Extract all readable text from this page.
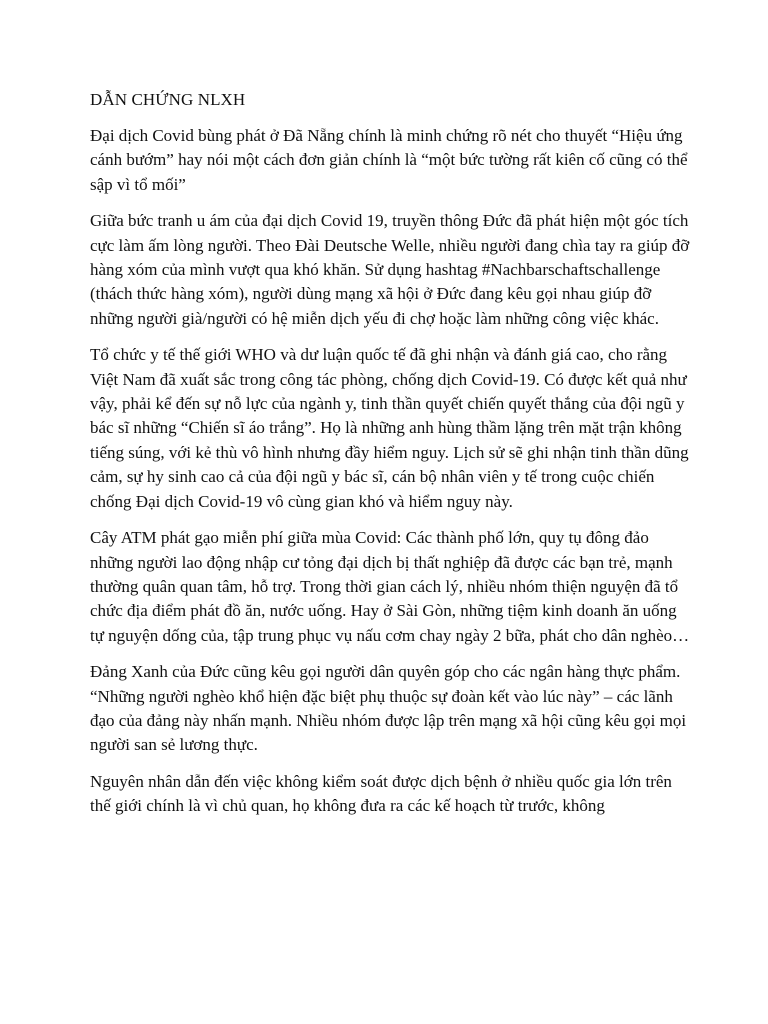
DẪN CHỨNG NLXH

Đại dịch Covid bùng phát ở Đã Nẵng chính là minh chứng rõ nét cho thuyết “Hiệu ứng cánh bướm” hay nói một cách đơn giản chính là “một bức tường rất kiên cố cũng có thể sập vì tổ mối”

Giữa bức tranh u ám của đại dịch Covid 19, truyền thông Đức đã phát hiện một góc tích cực làm ấm lòng người. Theo Đài Deutsche Welle, nhiều người đang chìa tay ra giúp đỡ hàng xóm của mình vượt qua khó khăn. Sử dụng hashtag #Nachbarschaftschallenge (thách thức hàng xóm), người dùng mạng xã hội ở Đức đang kêu gọi nhau giúp đỡ những người già/người có hệ miễn dịch yếu đi chợ hoặc làm những công việc khác.

Tổ chức y tế thế giới WHO và dư luận quốc tế đã ghi nhận và đánh giá cao, cho rằng Việt Nam đã xuất sắc trong công tác phòng, chống dịch Covid-19. Có được kết quả như vậy, phải kể đến sự nỗ lực của ngành y, tinh thần quyết chiến quyết thắng của đội ngũ y bác sĩ những “Chiến sĩ áo trắng”. Họ là những anh hùng thầm lặng trên mặt trận không tiếng súng, với kẻ thù vô hình nhưng đầy hiểm nguy. Lịch sử sẽ ghi nhận tinh thần dũng cảm, sự hy sinh cao cả của đội ngũ y bác sĩ, cán bộ nhân viên y tế trong cuộc chiến chống Đại dịch Covid-19 vô cùng gian khó và hiểm nguy này.

Cây ATM phát gạo miễn phí giữa mùa Covid: Các thành phố lớn, quy tụ đông đảo những người lao động nhập cư tỏng đại dịch bị thất nghiệp đã được các bạn trẻ, mạnh thường quân quan tâm, hỗ trợ. Trong thời gian cách lý, nhiều nhóm thiện nguyện đã tổ chức địa điểm phát đồ ăn, nước uống. Hay ở Sài Gòn, những tiệm kinh doanh ăn uống tự nguyện dống của, tập trung phục vụ nấu cơm chay ngày 2 bữa, phát cho dân nghèo…

Đảng Xanh của Đức cũng kêu gọi người dân quyên góp cho các ngân hàng thực phẩm. “Những người nghèo khổ hiện đặc biệt phụ thuộc sự đoàn kết vào lúc này” – các lãnh đạo của đảng này nhấn mạnh. Nhiều nhóm được lập trên mạng xã hội cũng kêu gọi mọi người san sẻ lương thực.

Nguyên nhân dẫn đến việc không kiểm soát được dịch bệnh ở nhiều quốc gia lớn trên thế giới chính là vì chủ quan, họ không đưa ra các kế hoạch từ trước, không
